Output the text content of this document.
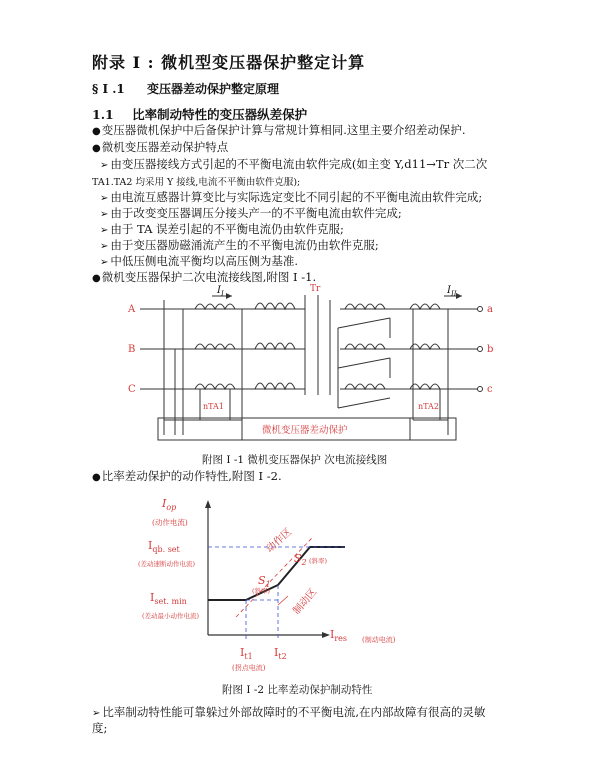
附录 I : 微机型变压器保护整定计算
§ I .1 变压器差动保护整定原理
1.1 比率制动特性的变压器纵差保护
●变压器微机保护中后备保护计算与常规计算相同.这里主要介绍差动保护.
●微机变压器差动保护特点
➢ 由变压器接线方式引起的不平衡电流由软件完成(如主变 Y,d11→Tr 次二次
TA1.TA2 均采用 Y 接线,电流不平衡由软件克服);
➢ 由电流互感器计算变比与实际选定变比不同引起的不平衡电流由软件完成;
➢ 由于改变变压器调压分接头产一的不平衡电流由软件完成;
➢ 由于 TA 误差引起的不平衡电流仍由软件克服;
➢ 由于变压器励磁涌流产生的不平衡电流仍由软件克服;
➢ 中低压侧电流平衡均以高压侧为基准.
●微机变压器保护二次电流接线图,附图 I -1.
A
B
C
a
b
c
Tr
nTA1	nTA2
微机变压器差动保护
$I_I$	$I_{II}$
附图 I -1 微机变压器保护 次电流接线图
●比率差动保护的动作特性,附图 I -2.
$I_{op}$
(动作电流)
$I_{qb. set}$
(差动速断动作电流)
$I_{set. min}$
(差动最小动作电流)
$I_{t1}$
(拐点电流)
$I_{t2}$
$I_{res}$ (制动电流)
$S_1$
(斜率)
$S_2$ (斜率)
动作区
制动区
附图 I -2 比率差动保护制动特性
➢ 比率制动特性能可靠躲过外部故障时的不平衡电流,在内部故障有很高的灵敏
度;
